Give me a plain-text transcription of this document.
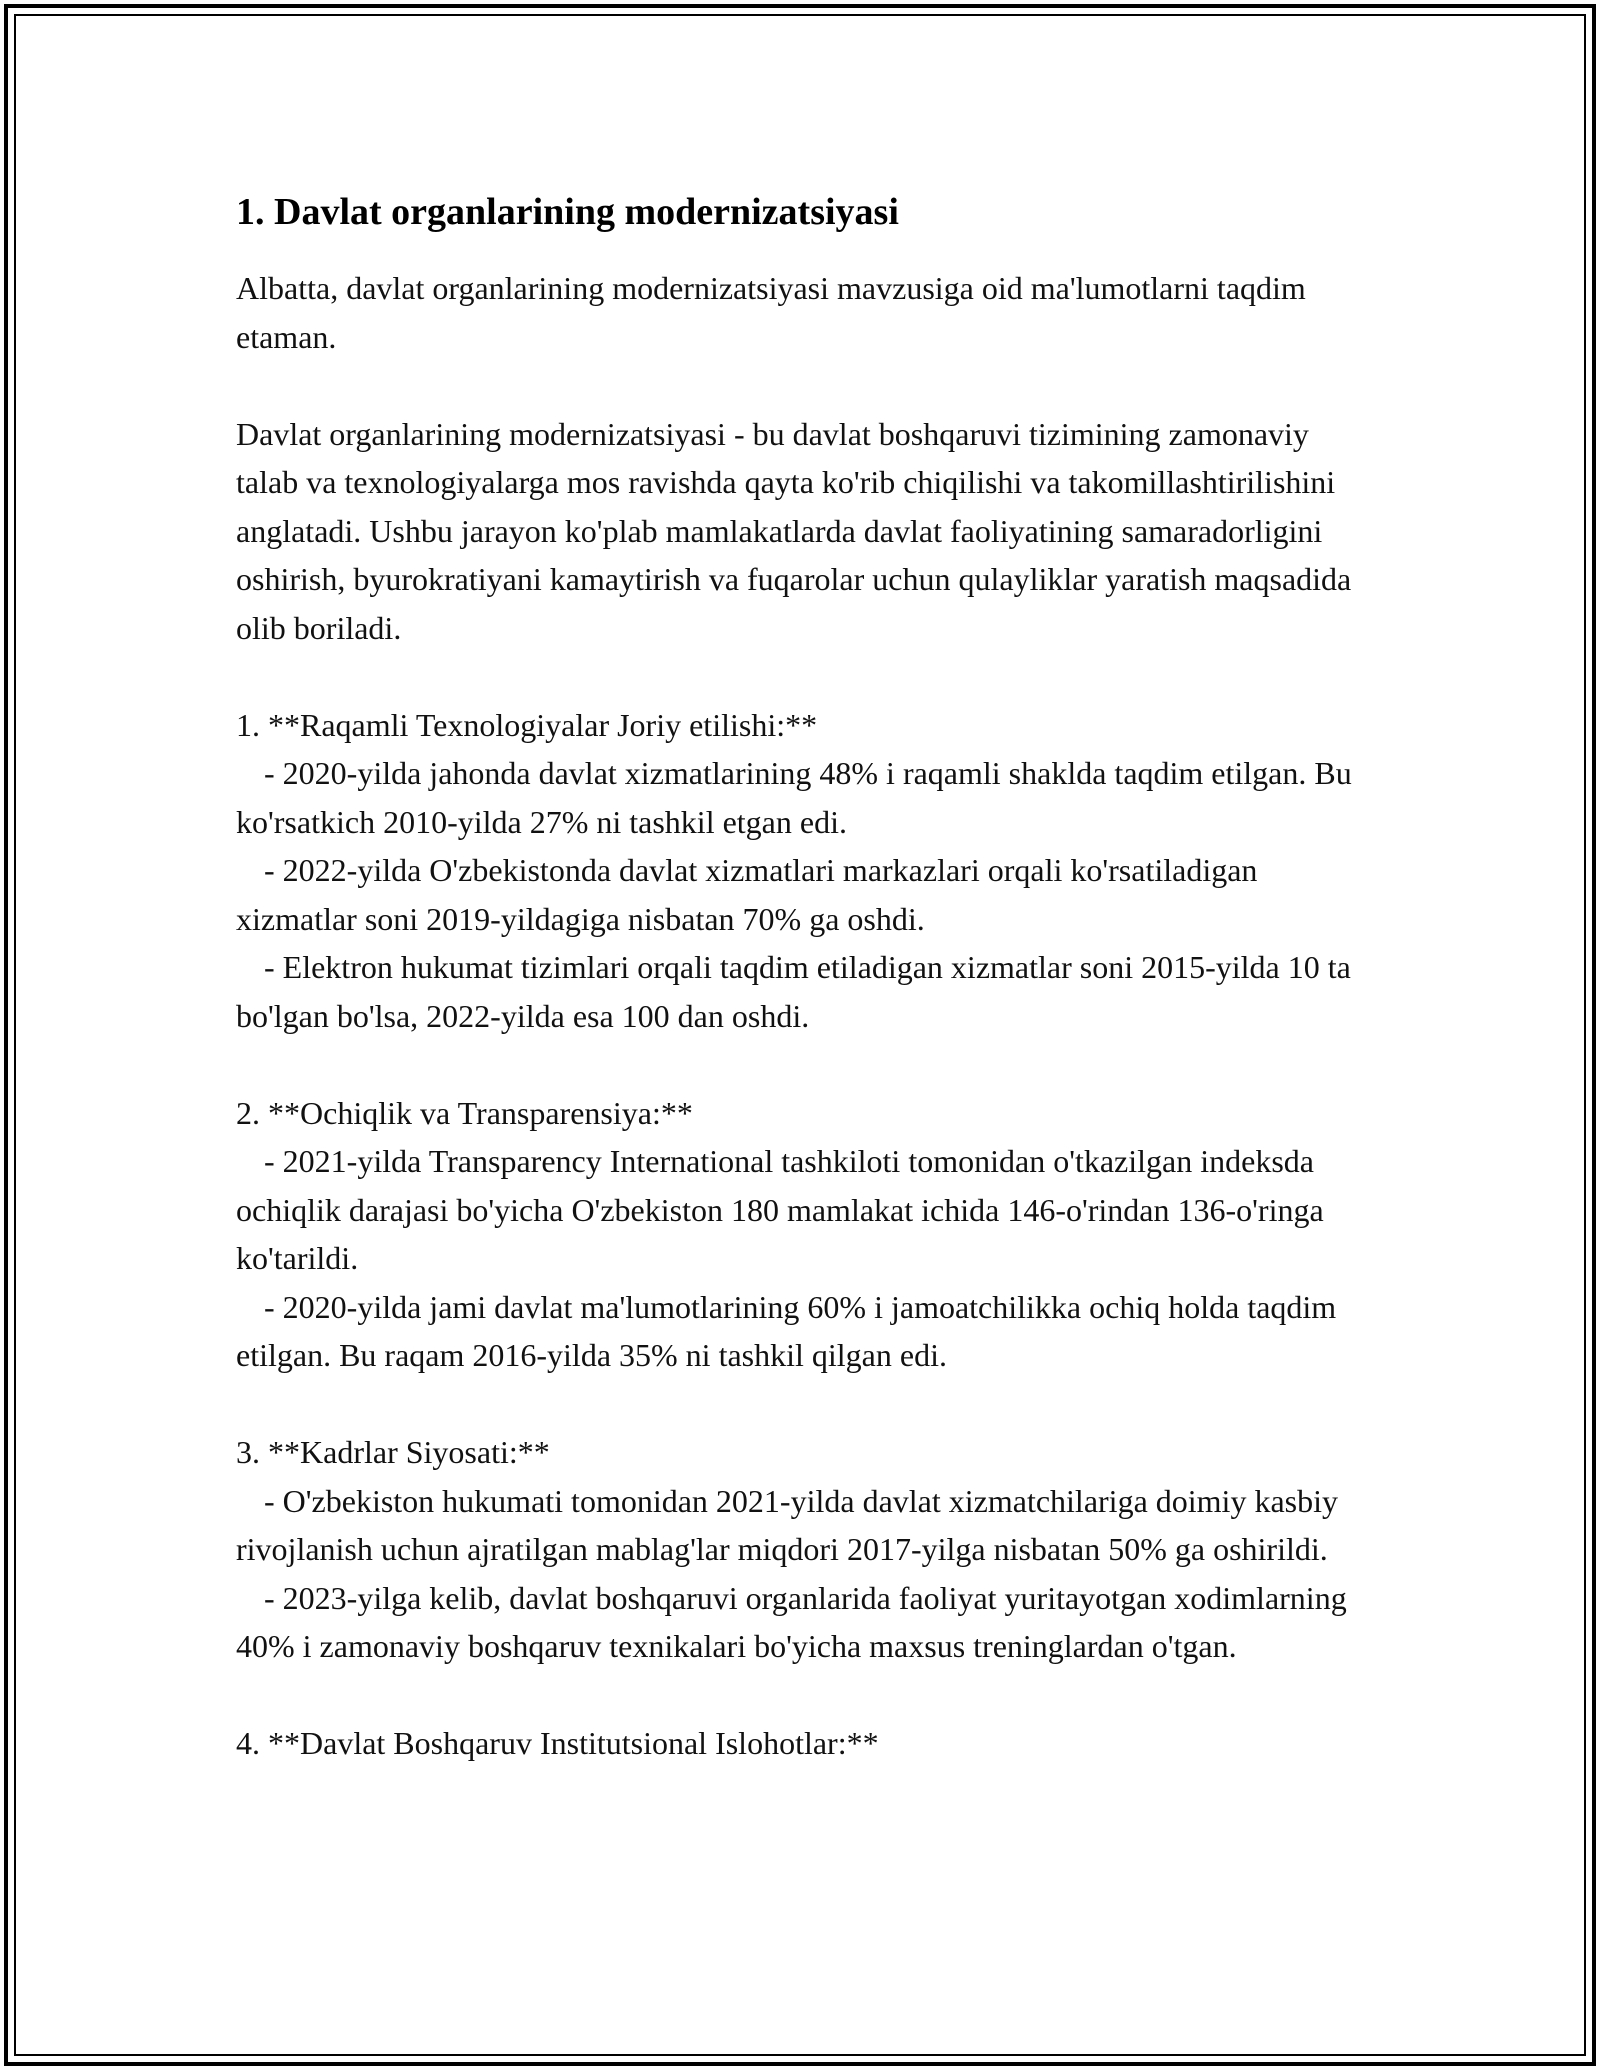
1. Davlat organlarining modernizatsiyasi

Albatta, davlat organlarining modernizatsiyasi mavzusiga oid ma'lumotlarni taqdim etaman.

Davlat organlarining modernizatsiyasi - bu davlat boshqaruvi tizimining zamonaviy talab va texnologiyalarga mos ravishda qayta ko'rib chiqilishi va takomillashtirilishini anglatadi. Ushbu jarayon ko'plab mamlakatlarda davlat faoliyatining samaradorligini oshirish, byurokratiyani kamaytirish va fuqarolar uchun qulayliklar yaratish maqsadida olib boriladi.

1. **Raqamli Texnologiyalar Joriy etilishi:**

- 2020-yilda jahonda davlat xizmatlarining 48% i raqamli shaklda taqdim etilgan. Bu ko'rsatkich 2010-yilda 27% ni tashkil etgan edi.

- 2022-yilda O'zbekistonda davlat xizmatlari markazlari orqali ko'rsatiladigan xizmatlar soni 2019-yildagiga nisbatan 70% ga oshdi.

- Elektron hukumat tizimlari orqali taqdim etiladigan xizmatlar soni 2015-yilda 10 ta bo'lgan bo'lsa, 2022-yilda esa 100 dan oshdi.

2. **Ochiqlik va Transparensiya:**

- 2021-yilda Transparency International tashkiloti tomonidan o'tkazilgan indeksda ochiqlik darajasi bo'yicha O'zbekiston 180 mamlakat ichida 146-o'rindan 136-o'ringa ko'tarildi.

- 2020-yilda jami davlat ma'lumotlarining 60% i jamoatchilikka ochiq holda taqdim etilgan. Bu raqam 2016-yilda 35% ni tashkil qilgan edi.

3. **Kadrlar Siyosati:**

- O'zbekiston hukumati tomonidan 2021-yilda davlat xizmatchilariga doimiy kasbiy rivojlanish uchun ajratilgan mablag'lar miqdori 2017-yilga nisbatan 50% ga oshirildi.

- 2023-yilga kelib, davlat boshqaruvi organlarida faoliyat yuritayotgan xodimlarning 40% i zamonaviy boshqaruv texnikalari bo'yicha maxsus treninglardan o'tgan.

4. **Davlat Boshqaruv Institutsional Islohotlar:**
